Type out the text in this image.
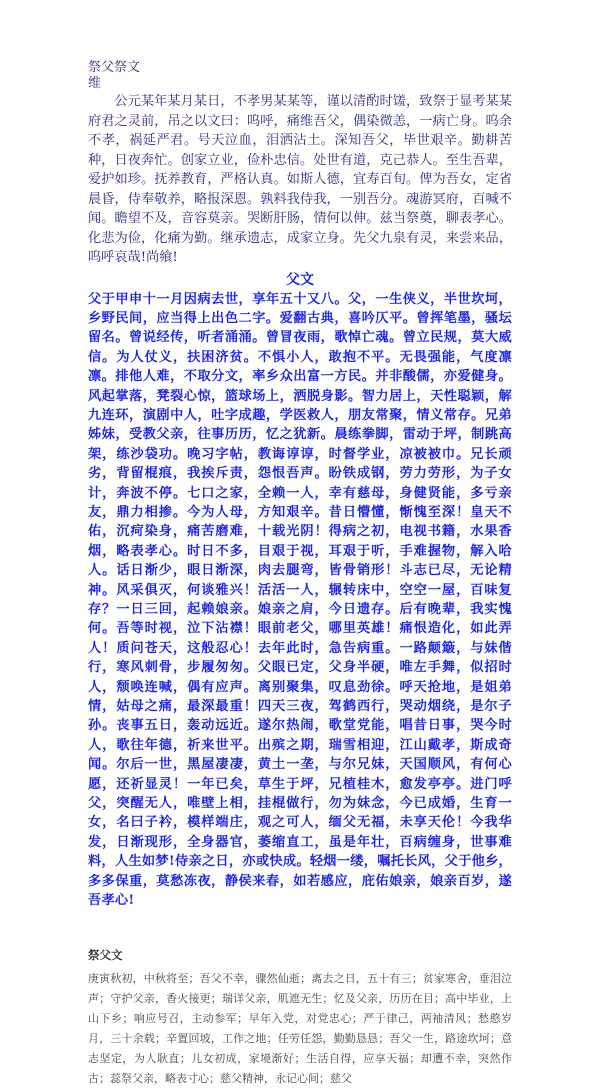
祭父祭文

维

公元某年某月某日，不孝男某某等，谨以清酌时馐，致祭于显考某某府君之灵前，吊之以文曰：呜呼，痛维吾父，偶染微恙，一病亡身。呜余不孝，祸延严君。号天泣血，泪洒沾土。深知吾父，毕世艰辛。勤耕苦种，日夜奔忙。创家立业，俭朴忠信。处世有道，克己恭人。至生吾辈，爱护如珍。抚养教育，严格认真。如斯人德，宜寿百旬。俾为吾女，定省晨昏，侍奉敬养，略报深恩。孰料我侍我，一别吾分。魂游冥府，百喊不闻。瞻望不及，音容莫亲。哭断肝肠，情何以伸。兹当祭奠，聊表孝心。化悲为俭，化痛为勤。继承遗志，成家立身。先父九泉有灵，来尝来品，呜呼哀哉!尚飨!

父文

父于甲申十一月因病去世，享年五十又八。父，一生侠义，半世坎坷，乡野民间，应当得上出色二字。爱翻古典，喜吟仄平。曾挥笔墨，骚坛留名。曾说经传，听者涌涌。曾冒夜雨，歌悼亡魂。曾立民规，莫大威信。为人仗义，扶困济贫。不惧小人，敢抱不平。无畏强能，气度凛凛。排他人难，不取分文，率乡众出富一方民。并非酸儒，亦爱健身。风起掌落，凳裂心惊，篮球场上，洒脱身影。智力居上，天性聪颖，解九连环，演剧中人，吐字成趣，学医救人，朋友常聚，情义常存。兄弟姊妹，受教父亲，往事历历，忆之犹新。晨练拳脚，雷动于坪，制跳高架，练沙袋功。晚习字帖，教诲谆谆，时督学业，凉被被巾。兄长顽劣，背留棍痕，我挨斥责，怨恨吾声。盼铁成钢，劳力劳形，为子女计，奔波不停。七口之家，全赖一人，幸有慈母，身健贤能，多亏亲友，鼎力相掺。今为人母，方知艰辛。昔日懵懂，惭愧至深！皇天不佑，沉疴染身，痛苦磨难，十载光阴！得病之初，电视书籍，水果香烟，略表孝心。时日不多，目艰于视，耳艰于听，手难握物，解入哈人。话日渐少，眼日渐深，肉去腿弯，皆骨销形！斗志已尽，无论精神。风采俱灭，何谈雅兴！活活一人，辗转床中，空空一屋，百味复存？一日三回，起赖娘亲。娘亲之肩，今日遗存。后有晚辈，我实愧何。吾等时视，泣下沾襟！眼前老父，哪里英雄！痛恨造化，如此弄人！质问苍天，这般忍心！去年此时，急告病重。一路颠簸，与妹偕行，寒风刺骨，步履匆匆。父眼已定，父身半硬，唯左手舞，似招时人，颓唤连喊，偶有应声。离别聚集，叹息劲徐。呼天抢地，是姐弟情，姑母之痛，最深最重！四天三夜，驾鹤西行，哭动烟绕，是尔子孙。丧事五日，轰动远近。遂尔热闹，歌堂党能，唱昔日事，哭今时人，歌往年德，祈来世平。出殡之期，瑞雪相迎，江山戴孝，斯成奇闻。尔后一世，黑屋凄凄，黄土一垄，与尔兄妹，天国顺风，有何心愿，还祈显灵！一年已矣，草生于坪，兄植桂木，愈发亭亭。进门呼父，突醒无人，唯壁上相，挂棍做行，勿为妹念，今已成婚，生育一女，名曰子衿，模样端庄，观之可人，缅父无福，未享天伦！今我华发，日渐现形，全身器官，萎缩直工，虽是年壮，百病缠身，世事难料，人生如梦!侍亲之日，亦或快成。轻烟一缕，嘱托长风，父于他乡，多多保重，莫愁冻夜，静侯来春，如若感应，庇佑娘亲，娘亲百岁，遂吾孝心!

祭父文

庚寅秋初，中秋将至；吾父不幸，骤然仙逝；离去之日，五十有三；贫家寒舍，垂泪泣声；守护父亲，香火接更；瑞详父亲，肌遮无生；忆及父亲，历历在目；高中毕业，上山下乡；响应号召，主动参军；早年入党，对党忠心；严于律己，两袖清风；愁憨岁月，三十余载；辛置回坡，工作之地；任劳任怨，勤勤恳恳；吾父一生，路途坎坷；意志坚定，为人耿直；儿女初成，家境渐好；生活自得，应享天福；却遭不幸，突然作古；蕊祭父亲，略表寸心；慈父精神，永记心间；慈父
